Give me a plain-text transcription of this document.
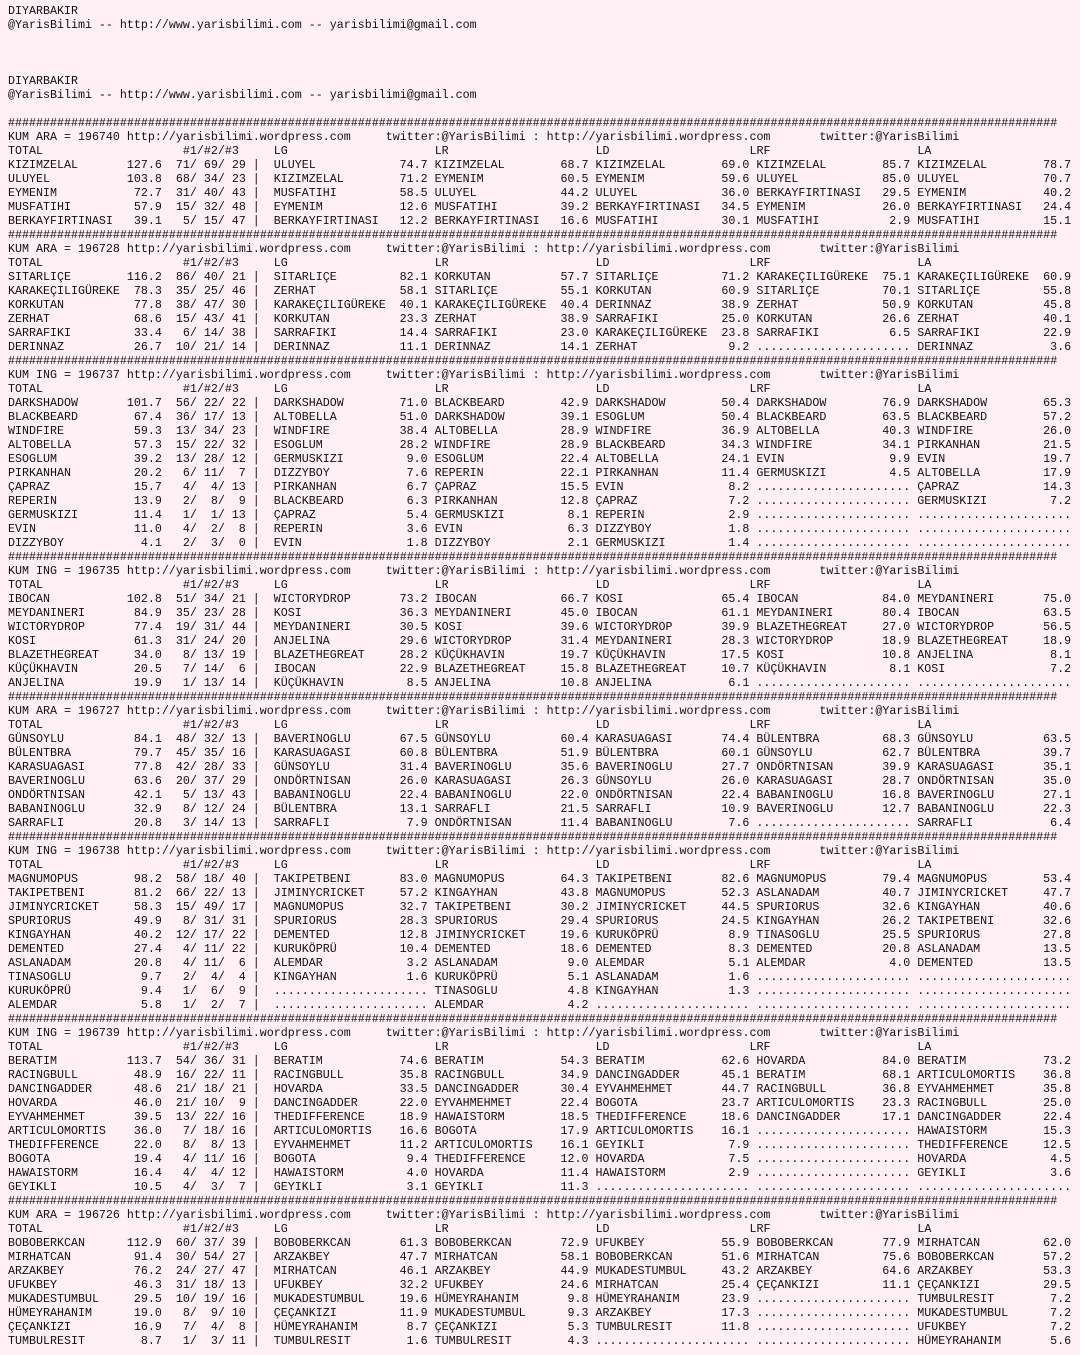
DIYARBAKIR
@YarisBilimi -- http://www.yarisbilimi.com -- yarisbilimi@gmail.com
DIYARBAKIR
@YarisBilimi -- http://www.yarisbilimi.com -- yarisbilimi@gmail.com
######################################################################################################################################################
KUM ARA = 196740 http://yarisbilimi.wordpress.com	twitter:@YarisBilimi : http://yarisbilimi.wordpress.com	twitter:@YarisBilimi
TOTAL	#1/#2/#3	LG	LR	LD	LRF	LA
KIZIMZELAL	127.6 71/ 69/ 29 | ULUYEL	74.7 KIZIMZELAL	68.7 KIZIMZELAL	69.0 KIZIMZELAL	85.7 KIZIMZELAL	78.7
ULUYEL	103.8 68/ 34/ 23 | KIZIMZELAL	71.2 EYMENIM	60.5 EYMENIM	59.6 ULUYEL	85.0 ULUYEL	70.7
EYMENIM	72.7 31/ 40/ 43 | MUSFATIHI	58.5 ULUYEL	44.2 ULUYEL	36.0 BERKAYFIRTINASI 29.5 EYMENIM	40.2
MUSFATIHI	57.9 15/ 32/ 48 | EYMENIM	12.6 MUSFATIHI	39.2 BERKAYFIRTINASI 34.5 EYMENIM	26.0 BERKAYFIRTINASI 24.4
BERKAYFIRTINASI 39.1 5/ 15/ 47 | BERKAYFIRTINASI 12.2 BERKAYFIRTINASI 16.6 MUSFATIHI	30.1 MUSFATIHI	2.9 MUSFATIHI	15.1
######################################################################################################################################################
KUM ARA = 196728 http://yarisbilimi.wordpress.com	twitter:@YarisBilimi : http://yarisbilimi.wordpress.com	twitter:@YarisBilimi
TOTAL	#1/#2/#3	LG	LR	LD	LRF	LA
SITARLIÇE	116.2 86/ 40/ 21 | SITARLIÇE	82.1 KORKUTAN	57.7 SITARLIÇE	71.2 KARAKEÇILIGÜREKE 75.1 KARAKEÇILIGÜREKE 60.9
KARAKEÇILIGÜREKE 78.3 35/ 25/ 46 | ZERHAT	58.1 SITARLIÇE	55.1 KORKUTAN	60.9 SITARLIÇE	70.1 SITARLIÇE	55.8
KORKUTAN	77.8 38/ 47/ 30 | KARAKEÇILIGÜREKE 40.1 KARAKEÇILIGÜREKE 40.4 DERINNAZ	38.9 ZERHAT	50.9 KORKUTAN	45.8
ZERHAT	68.6 15/ 43/ 41 | KORKUTAN	23.3 ZERHAT	38.9 SARRAFIKI	25.0 KORKUTAN	26.6 ZERHAT	40.1
SARRAFIKI	33.4 6/ 14/ 38 | SARRAFIKI	14.4 SARRAFIKI	23.0 KARAKEÇILIGÜREKE 23.8 SARRAFIKI	6.5 SARRAFIKI	22.9
DERINNAZ	26.7 10/ 21/ 14 | DERINNAZ	11.1 DERINNAZ	14.1 ZERHAT	9.2 ...................... DERINNAZ	3.6
######################################################################################################################################################
KUM ING = 196737 http://yarisbilimi.wordpress.com	twitter:@YarisBilimi : http://yarisbilimi.wordpress.com	twitter:@YarisBilimi
TOTAL	#1/#2/#3	LG	LR	LD	LRF	LA
DARKSHADOW	101.7 56/ 22/ 22 | DARKSHADOW	71.0 BLACKBEARD	42.9 DARKSHADOW	50.4 DARKSHADOW	76.9 DARKSHADOW	65.3
BLACKBEARD	67.4 36/ 17/ 13 | ALTOBELLA	51.0 DARKSHADOW	39.1 ESOGLUM	50.4 BLACKBEARD	63.5 BLACKBEARD	57.2
WINDFIRE	59.3 13/ 34/ 23 | WINDFIRE	38.4 ALTOBELLA	28.9 WINDFIRE	36.9 ALTOBELLA	40.3 WINDFIRE	26.0
ALTOBELLA	57.3 15/ 22/ 32 | ESOGLUM	28.2 WINDFIRE	28.9 BLACKBEARD	34.3 WINDFIRE	34.1 PIRKANHAN	21.5
ESOGLUM	39.2 13/ 28/ 12 | GERMUSKIZI	9.0 ESOGLUM	22.4 ALTOBELLA	24.1 EVIN	9.9 EVIN	19.7
PIRKANHAN	20.2 6/ 11/  7 | DIZZYBOY	7.6 REPERIN	22.1 PIRKANHAN	11.4 GERMUSKIZI	4.5 ALTOBELLA	17.9
ÇAPRAZ	15.7 4/  4/ 13 | PIRKANHAN	6.7 ÇAPRAZ	15.5 EVIN	8.2 ...................... ÇAPRAZ	14.3
REPERIN	13.9 2/  8/  9 | BLACKBEARD	6.3 PIRKANHAN	12.8 ÇAPRAZ	7.2 ...................... GERMUSKIZI	7.2
GERMUSKIZI	11.4 1/  1/ 13 | ÇAPRAZ	5.4 GERMUSKIZI	8.1 REPERIN	2.9 ...................... ......................
EVIN	11.0 4/  2/  8 | REPERIN	3.6 EVIN	6.3 DIZZYBOY	1.8 ...................... ......................
DIZZYBOY	4.1 2/  3/  0 | EVIN	1.8 DIZZYBOY	2.1 GERMUSKIZI	1.4 ...................... ......................
######################################################################################################################################################
KUM ING = 196735 http://yarisbilimi.wordpress.com	twitter:@YarisBilimi : http://yarisbilimi.wordpress.com	twitter:@YarisBilimi
TOTAL	#1/#2/#3	LG	LR	LD	LRF	LA
IBOCAN	102.8 51/ 34/ 21 | WICTORYDROP	73.2 IBOCAN	66.7 KOSI	65.4 IBOCAN	84.0 MEYDANINERI	75.0
MEYDANINERI	84.9 35/ 23/ 28 | KOSI	36.3 MEYDANINERI	45.0 IBOCAN	61.1 MEYDANINERI	80.4 IBOCAN	63.5
WICTORYDROP	77.4 19/ 31/ 44 | MEYDANINERI	30.5 KOSI	39.6 WICTORYDROP	39.9 BLAZETHEGREAT	27.0 WICTORYDROP	56.5
KOSI	61.3 31/ 24/ 20 | ANJELINA	29.6 WICTORYDROP	31.4 MEYDANINERI	28.3 WICTORYDROP	18.9 BLAZETHEGREAT	18.9
BLAZETHEGREAT	34.0 8/ 13/ 19 | BLAZETHEGREAT	28.2 KÜÇÜKHAVIN	19.7 KÜÇÜKHAVIN	17.5 KOSI	10.8 ANJELINA	8.1
KÜÇÜKHAVIN	20.5 7/ 14/  6 | IBOCAN	22.9 BLAZETHEGREAT	15.8 BLAZETHEGREAT	10.7 KÜÇÜKHAVIN	8.1 KOSI	7.2
ANJELINA	19.9 1/ 13/ 14 | KÜÇÜKHAVIN	8.5 ANJELINA	10.8 ANJELINA	6.1 ...................... ......................
######################################################################################################################################################
KUM ARA = 196727 http://yarisbilimi.wordpress.com	twitter:@YarisBilimi : http://yarisbilimi.wordpress.com	twitter:@YarisBilimi
TOTAL	#1/#2/#3	LG	LR	LD	LRF	LA
GÜNSOYLU	84.1 48/ 32/ 13 | BAVERINOGLU	67.5 GÜNSOYLU	60.4 KARASUAGASI	74.4 BÜLENTBRA	68.3 GÜNSOYLU	63.5
BÜLENTBRA	79.7 45/ 35/ 16 | KARASUAGASI	60.8 BÜLENTBRA	51.9 BÜLENTBRA	60.1 GÜNSOYLU	62.7 BÜLENTBRA	39.7
KARASUAGASI	77.8 42/ 28/ 33 | GÜNSOYLU	31.4 BAVERINOGLU	35.6 BAVERINOGLU	27.7 ONDÖRTNISAN	39.9 KARASUAGASI	35.1
BAVERINOGLU	63.6 20/ 37/ 29 | ONDÖRTNISAN	26.0 KARASUAGASI	26.3 GÜNSOYLU	26.0 KARASUAGASI	28.7 ONDÖRTNISAN	35.0
ONDÖRTNISAN	42.1 5/ 13/ 43 | BABANINOGLU	22.4 BABANINOGLU	22.0 ONDÖRTNISAN	22.4 BABANINOGLU	16.8 BAVERINOGLU	27.1
BABANINOGLU	32.9 8/ 12/ 24 | BÜLENTBRA	13.1 SARRAFLI	21.5 SARRAFLI	10.9 BAVERINOGLU	12.7 BABANINOGLU	22.3
SARRAFLI	20.8 3/ 14/ 13 | SARRAFLI	7.9 ONDÖRTNISAN	11.4 BABANINOGLU	7.6 ...................... SARRAFLI	6.4
######################################################################################################################################################
KUM ING = 196738 http://yarisbilimi.wordpress.com	twitter:@YarisBilimi : http://yarisbilimi.wordpress.com	twitter:@YarisBilimi
TOTAL	#1/#2/#3	LG	LR	LD	LRF	LA
MAGNUMOPUS	98.2 58/ 18/ 40 | TAKIPETBENI	83.0 MAGNUMOPUS	64.3 TAKIPETBENI	82.6 MAGNUMOPUS	79.4 MAGNUMOPUS	53.4
TAKIPETBENI	81.2 66/ 22/ 13 | JIMINYCRICKET	57.2 KINGAYHAN	43.8 MAGNUMOPUS	52.3 ASLANADAM	40.7 JIMINYCRICKET	47.7
JIMINYCRICKET	58.3 15/ 49/ 17 | MAGNUMOPUS	32.7 TAKIPETBENI	30.2 JIMINYCRICKET	44.5 SPURIORUS	32.6 KINGAYHAN	40.6
SPURIORUS	49.9 8/ 31/ 31 | SPURIORUS	28.3 SPURIORUS	29.4 SPURIORUS	24.5 KINGAYHAN	26.2 TAKIPETBENI	32.6
KINGAYHAN	40.2 12/ 17/ 22 | DEMENTED	12.8 JIMINYCRICKET	19.6 KURUKÖPRÜ	8.9 TINASOGLU	25.5 SPURIORUS	27.8
DEMENTED	27.4 4/ 11/ 22 | KURUKÖPRÜ	10.4 DEMENTED	18.6 DEMENTED	8.3 DEMENTED	20.8 ASLANADAM	13.5
ASLANADAM	20.8 4/ 11/  6 | ALEMDAR	3.2 ASLANADAM	9.0 ALEMDAR	5.1 ALEMDAR	4.0 DEMENTED	13.5
TINASOGLU	9.7 2/  4/  4 | KINGAYHAN	1.6 KURUKÖPRÜ	5.1 ASLANADAM	1.6 ...................... ......................
KURUKÖPRÜ	9.4 1/  6/  9 | ...................... TINASOGLU	4.8 KINGAYHAN	1.3 ...................... ......................
ALEMDAR	5.8 1/  2/  7 | ...................... ALEMDAR	4.2 ...................... ...................... ......................
######################################################################################################################################################
KUM ING = 196739 http://yarisbilimi.wordpress.com	twitter:@YarisBilimi : http://yarisbilimi.wordpress.com	twitter:@YarisBilimi
TOTAL	#1/#2/#3	LG	LR	LD	LRF	LA
BERATIM	113.7 54/ 36/ 31 | BERATIM	74.6 BERATIM	54.3 BERATIM	62.6 HOVARDA	84.0 BERATIM	73.2
RACINGBULL	48.9 16/ 22/ 11 | RACINGBULL	35.8 RACINGBULL	34.9 DANCINGADDER	45.1 BERATIM	68.1 ARTICULOMORTIS 36.8
DANCINGADDER	48.6 21/ 18/ 21 | HOVARDA	33.5 DANCINGADDER	30.4 EYVAHMEHMET	44.7 RACINGBULL	36.8 EYVAHMEHMET	35.8
HOVARDA	46.0 21/ 10/  9 | DANCINGADDER	22.0 EYVAHMEHMET	22.4 BOGOTA	23.7 ARTICULOMORTIS 23.3 RACINGBULL	25.0
EYVAHMEHMET	39.5 13/ 22/ 16 | THEDIFFERENCE	18.9 HAWAISTORM	18.5 THEDIFFERENCE	18.6 DANCINGADDER	17.1 DANCINGADDER	22.4
ARTICULOMORTIS 36.0 7/ 18/ 16 | ARTICULOMORTIS 16.6 BOGOTA	17.9 ARTICULOMORTIS 16.1 ...................... HAWAISTORM	15.3
THEDIFFERENCE	22.0 8/  8/ 13 | EYVAHMEHMET	11.2 ARTICULOMORTIS 16.1 GEYIKLI	7.9 ...................... THEDIFFERENCE	12.5
BOGOTA	19.4 4/ 11/ 16 | BOGOTA	9.4 THEDIFFERENCE	12.0 HOVARDA	7.5 ...................... HOVARDA	4.5
HAWAISTORM	16.4 4/  4/ 12 | HAWAISTORM	4.0 HOVARDA	11.4 HAWAISTORM	2.9 ...................... GEYIKLI	3.6
GEYIKLI	10.5 4/  3/  7 | GEYIKLI	3.1 GEYIKLI	11.3 ...................... ...................... ......................
######################################################################################################################################################
KUM ARA = 196726 http://yarisbilimi.wordpress.com	twitter:@YarisBilimi : http://yarisbilimi.wordpress.com	twitter:@YarisBilimi
TOTAL	#1/#2/#3	LG	LR	LD	LRF	LA
BOBOBERKCAN	112.9 60/ 37/ 39 | BOBOBERKCAN	61.3 BOBOBERKCAN	72.9 UFUKBEY	55.9 BOBOBERKCAN	77.9 MIRHATCAN	62.0
MIRHATCAN	91.4 30/ 54/ 27 | ARZAKBEY	47.7 MIRHATCAN	58.1 BOBOBERKCAN	51.6 MIRHATCAN	75.6 BOBOBERKCAN	57.2
ARZAKBEY	76.2 24/ 27/ 47 | MIRHATCAN	46.1 ARZAKBEY	44.9 MUKADESTUMBUL	43.2 ARZAKBEY	64.6 ARZAKBEY	53.3
UFUKBEY	46.3 31/ 18/ 13 | UFUKBEY	32.2 UFUKBEY	24.6 MIRHATCAN	25.4 ÇEÇANKIZI	11.1 ÇEÇANKIZI	29.5
MUKADESTUMBUL	29.5 10/ 19/ 16 | MUKADESTUMBUL	19.6 HÜMEYRAHANIM	9.8 HÜMEYRAHANIM	23.9 ...................... TUMBULRESIT	7.2
HÜMEYRAHANIM	19.0 8/  9/ 10 | ÇEÇANKIZI	11.9 MUKADESTUMBUL	9.3 ARZAKBEY	17.3 ...................... MUKADESTUMBUL	7.2
ÇEÇANKIZI	16.9 7/  4/  8 | HÜMEYRAHANIM	8.7 ÇEÇANKIZI	5.3 TUMBULRESIT	11.8 ...................... UFUKBEY	7.2
TUMBULRESIT	8.7 1/  3/ 11 | TUMBULRESIT	1.6 TUMBULRESIT	4.3 ...................... ...................... HÜMEYRAHANIM	5.6
